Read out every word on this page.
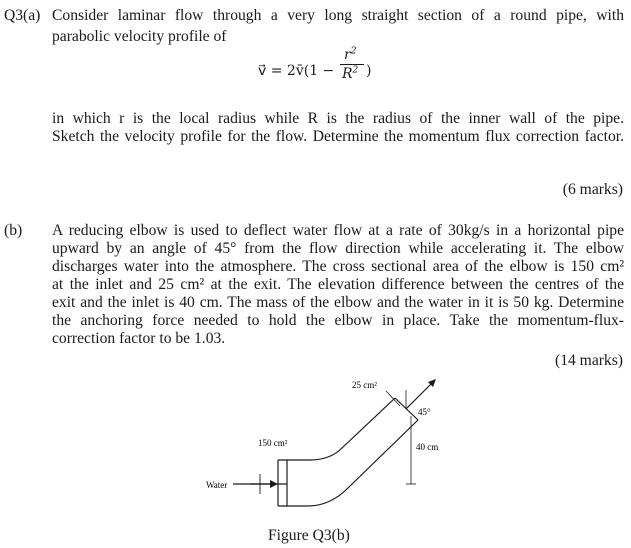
Q3(a) Consider laminar flow through a very long straight section of a round pipe, with
parabolic velocity profile of
v⃗ = 2v̄(1 −
$r^2$
$R^2$ )
in which r is the local radius while R is the radius of the inner wall of the pipe.
Sketch the velocity profile for the flow. Determine the momentum flux correction factor.
(6 marks)
(b) A reducing elbow is used to deflect water flow at a rate of 30kg/s in a horizontal pipe
upward by an angle of 45° from the flow direction while accelerating it. The elbow
discharges water into the atmosphere. The cross sectional area of the elbow is 150 cm²
at the inlet and 25 cm² at the exit. The elevation difference between the centres of the
exit and the inlet is 40 cm. The mass of the elbow and the water in it is 50 kg. Determine
the anchoring force needed to hold the elbow in place. Take the momentum-flux-
correction factor to be 1.03.
(14 marks)
25 cm²
45°
150 cm²	40 cm
Water
Figure Q3(b)
